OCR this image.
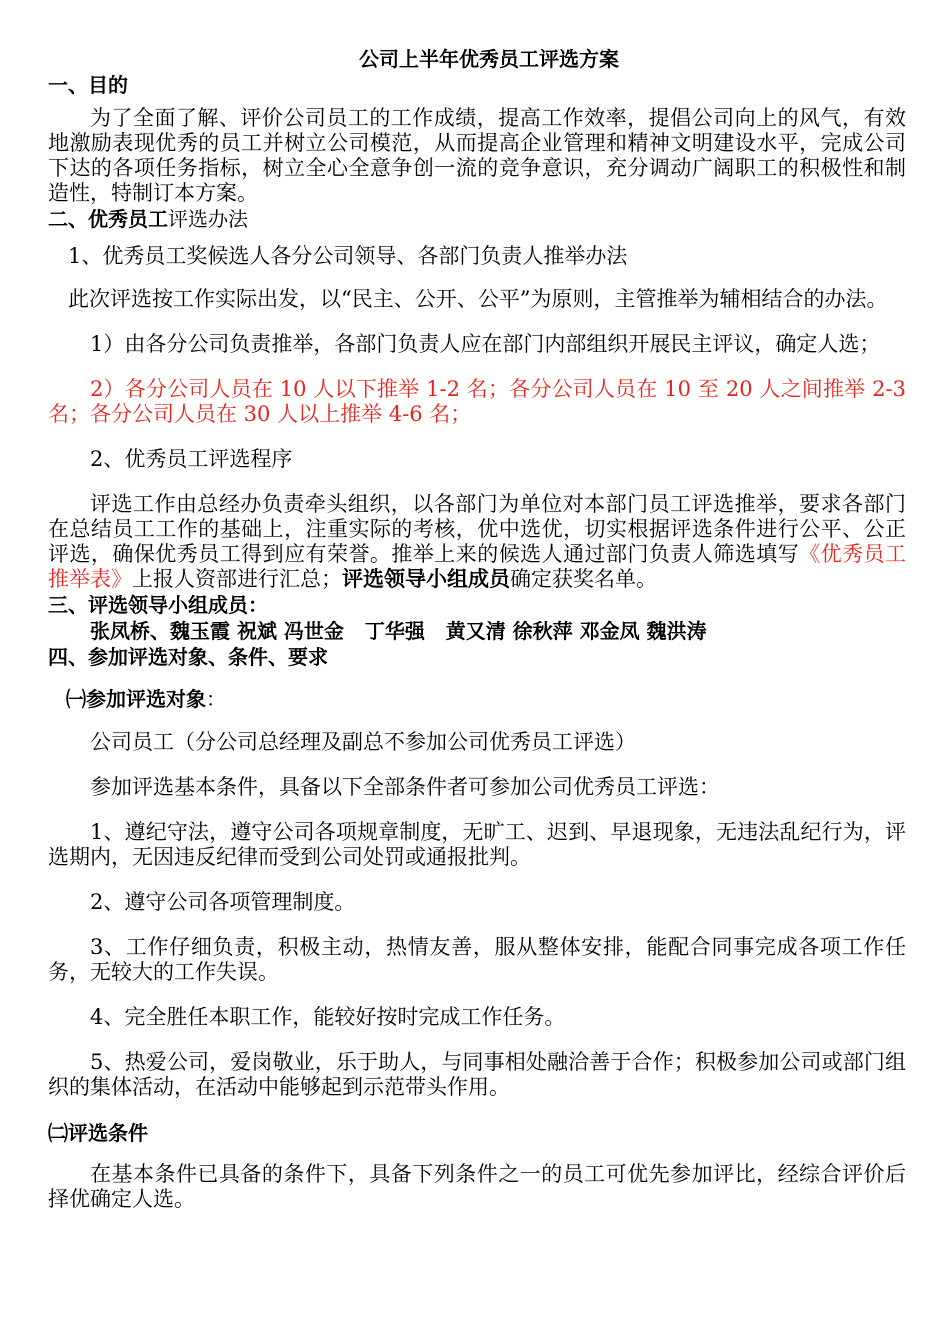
公司上半年优秀员工评选方案
一、目的

为了全面了解、评价公司员工的工作成绩，提高工作效率，提倡公司向上的风气，有效地激励表现优秀的员工并树立公司模范，从而提高企业管理和精神文明建设水平，完成公司下达的各项任务指标，树立全心全意争创一流的竞争意识，充分调动广阔职工的积极性和制造性，特制订本方案。

二、优秀员工评选办法

1、优秀员工奖候选人各分公司领导、各部门负责人推举办法

此次评选按工作实际出发，以“民主、公开、公平”为原则，主管推举为辅相结合的办法。

1）由各分公司负责推举，各部门负责人应在部门内部组织开展民主评议，确定人选；

2）各分公司人员在 10 人以下推举 1-2 名；各分公司人员在 10 至 20 人之间推举 2-3 名；各分公司人员在 30 人以上推举 4-6 名；

2、优秀员工评选程序

评选工作由总经办负责牵头组织，以各部门为单位对本部门员工评选推举，要求各部门在总结员工工作的基础上，注重实际的考核，优中选优，切实根据评选条件进行公平、公正评选，确保优秀员工得到应有荣誉。推举上来的候选人通过部门负责人筛选填写《优秀员工推举表》上报人资部进行汇总；评选领导小组成员确定获奖名单。

三、评选领导小组成员：
张凤桥、魏玉霞 祝斌 冯世金   丁华强   黄又清 徐秋萍 邓金凤 魏洪涛
四、参加评选对象、条件、要求
㈠参加评选对象：

公司员工（分公司总经理及副总不参加公司优秀员工评选）

参加评选基本条件，具备以下全部条件者可参加公司优秀员工评选：

1、遵纪守法，遵守公司各项规章制度，无旷工、迟到、早退现象，无违法乱纪行为，评选期内，无因违反纪律而受到公司处罚或通报批判。

2、遵守公司各项管理制度。

3、工作仔细负责，积极主动，热情友善，服从整体安排，能配合同事完成各项工作任务，无较大的工作失误。

4、完全胜任本职工作，能较好按时完成工作任务。

5、热爱公司，爱岗敬业，乐于助人，与同事相处融洽善于合作；积极参加公司或部门组织的集体活动，在活动中能够起到示范带头作用。

㈡评选条件

在基本条件已具备的条件下，具备下列条件之一的员工可优先参加评比，经综合评价后择优确定人选。
